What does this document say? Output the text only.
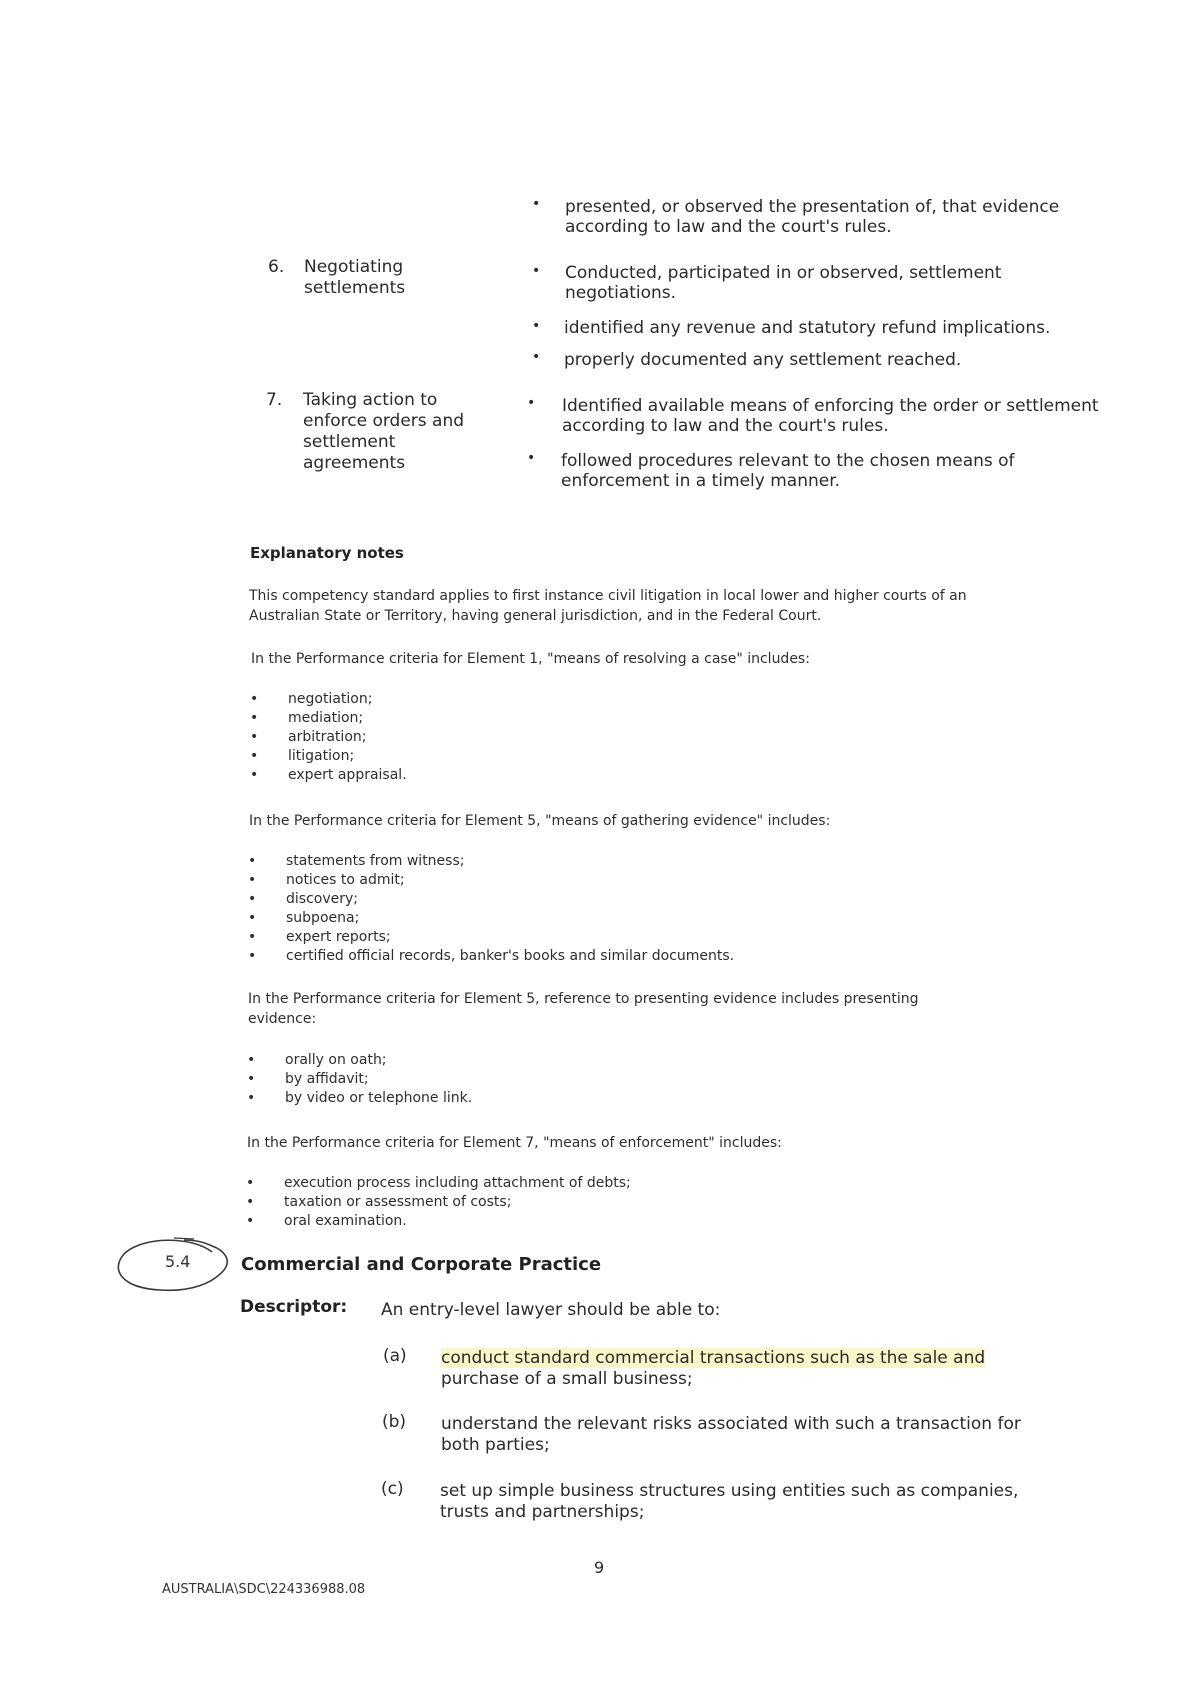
• presented, or observed the presentation of, that evidence
according to law and the court's rules.
6. Negotiating
settlements
• Conducted, participated in or observed, settlement
negotiations.
• identified any revenue and statutory refund implications.
• properly documented any settlement reached.
7. Taking action to
enforce orders and
settlement
agreements
• Identified available means of enforcing the order or settlement
according to law and the court's rules.
• followed procedures relevant to the chosen means of
enforcement in a timely manner.
Explanatory notes
This competency standard applies to first instance civil litigation in local lower and higher courts of an
Australian State or Territory, having general jurisdiction, and in the Federal Court.
In the Performance criteria for Element 1, "means of resolving a case" includes:
• negotiation;
• mediation;
• arbitration;
• litigation;
• expert appraisal.
In the Performance criteria for Element 5, "means of gathering evidence" includes:
• statements from witness;
• notices to admit;
• discovery;
• subpoena;
• expert reports;
• certified official records, banker's books and similar documents.
In the Performance criteria for Element 5, reference to presenting evidence includes presenting
evidence:
• orally on oath;
• by affidavit;
• by video or telephone link.
In the Performance criteria for Element 7, "means of enforcement" includes:
• execution process including attachment of debts;
• taxation or assessment of costs;
• oral examination.
5.4	Commercial and Corporate Practice
Descriptor: An entry-level lawyer should be able to:
(a) conduct standard commercial transactions such as the sale and
purchase of a small business;
(b) understand the relevant risks associated with such a transaction for
both parties;
(c) set up simple business structures using entities such as companies,
trusts and partnerships;
9
AUSTRALIA\SDC\224336988.08
